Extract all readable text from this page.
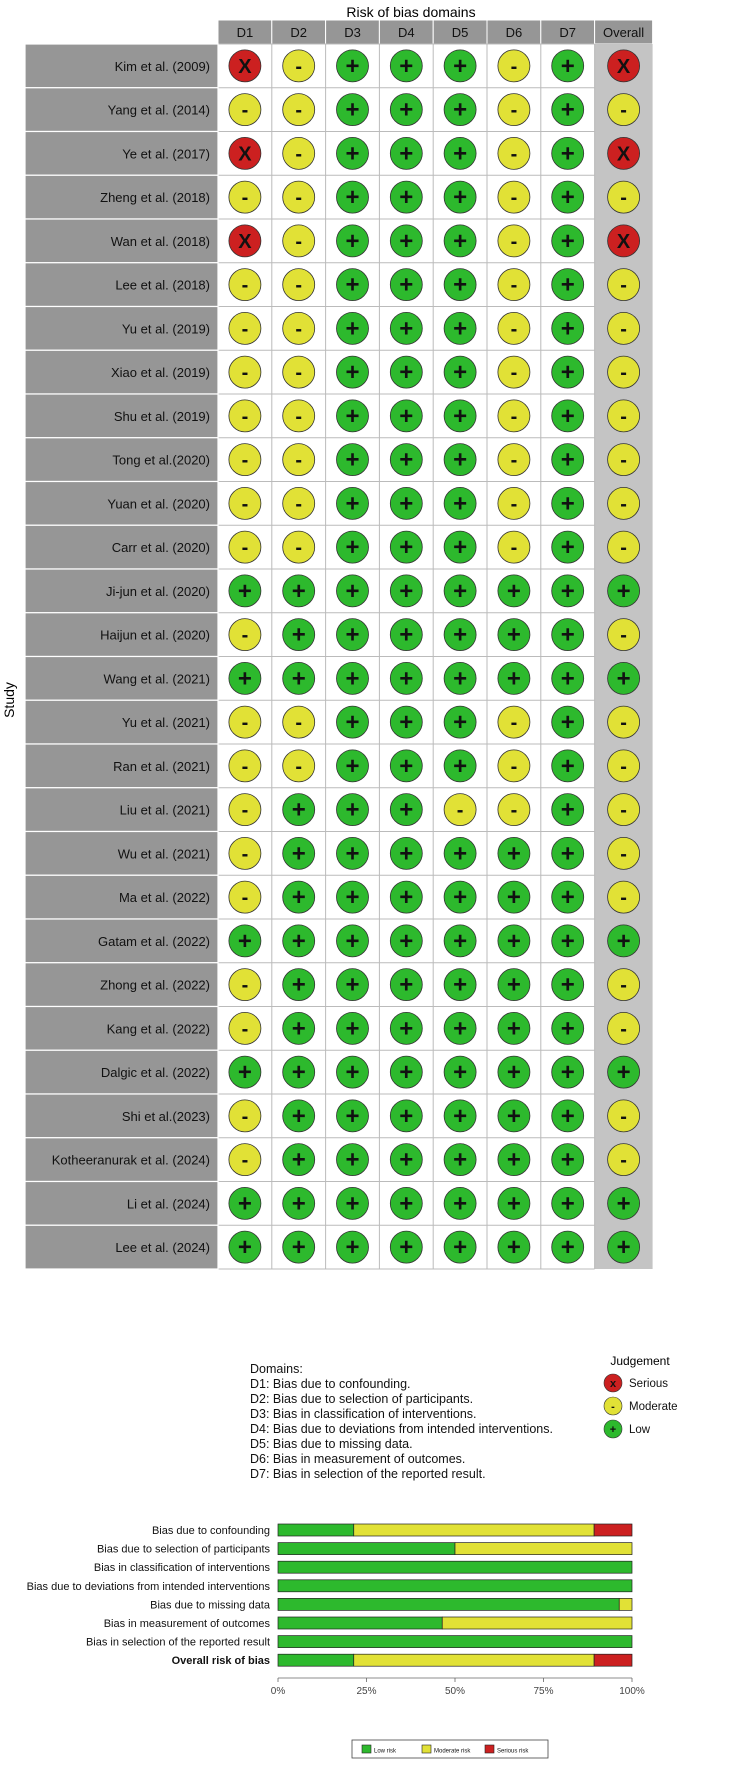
Risk of bias domains
Study
D1	D2	D3	D4	D5	D6	D7 Overall
Kim et al. (2009) X - + + + - + X
Yang et al. (2014) - - + + + - + -
Ye et al. (2017) X - + + + - + X
Zheng et al. (2018) - - + + + - + -
Wan et al. (2018) X - + + + - + X
Lee et al. (2018) - - + + + - + -
Yu et al. (2019) - - + + + - + -
Xiao et al. (2019) - - + + + - + -
Shu et al. (2019) - - + + + - + -
Tong et al.(2020) - - + + + - + -
Yuan et al. (2020) - - + + + - + -
Carr et al. (2020) - - + + + - + -
Ji-jun et al. (2020) + + + + + + + +
Haijun et al. (2020) - + + + + + + -
Wang et al. (2021) + + + + + + + +
Yu et al. (2021) - - + + + - + -
Ran et al. (2021) - - + + + - + -
Liu et al. (2021) - + + + - - + -
Wu et al. (2021) - + + + + + + -
Ma et al. (2022) - + + + + + + -
Gatam et al. (2022) + + + + + + + +
Zhong et al. (2022) - + + + + + + -
Kang et al. (2022) - + + + + + + -
Dalgic et al. (2022) + + + + + + + +
Shi et al.(2023) - + + + + + + -
Kotheeranurak et al. (2024) - + + + + + + -
Li et al. (2024) + + + + + + + +
Lee et al. (2024) + + + + + + + +
Judgement
x Serious
- Moderate
+ Low
Bias due to confounding
Bias due to selection of participants
Bias in classification of interventions
Bias due to deviations from intended interventions
Bias due to missing data
Bias in measurement of outcomes
Bias in selection of the reported result
Overall risk of bias
0%	25%	50%	75%	100%
Low risk	Moderate risk	Serious risk
Domains:
D1: Bias due to confounding.
D2: Bias due to selection of participants.
D3: Bias in classification of interventions.
D4: Bias due to deviations from intended interventions.
D5: Bias due to missing data.
D6: Bias in measurement of outcomes.
D7: Bias in selection of the reported result.
